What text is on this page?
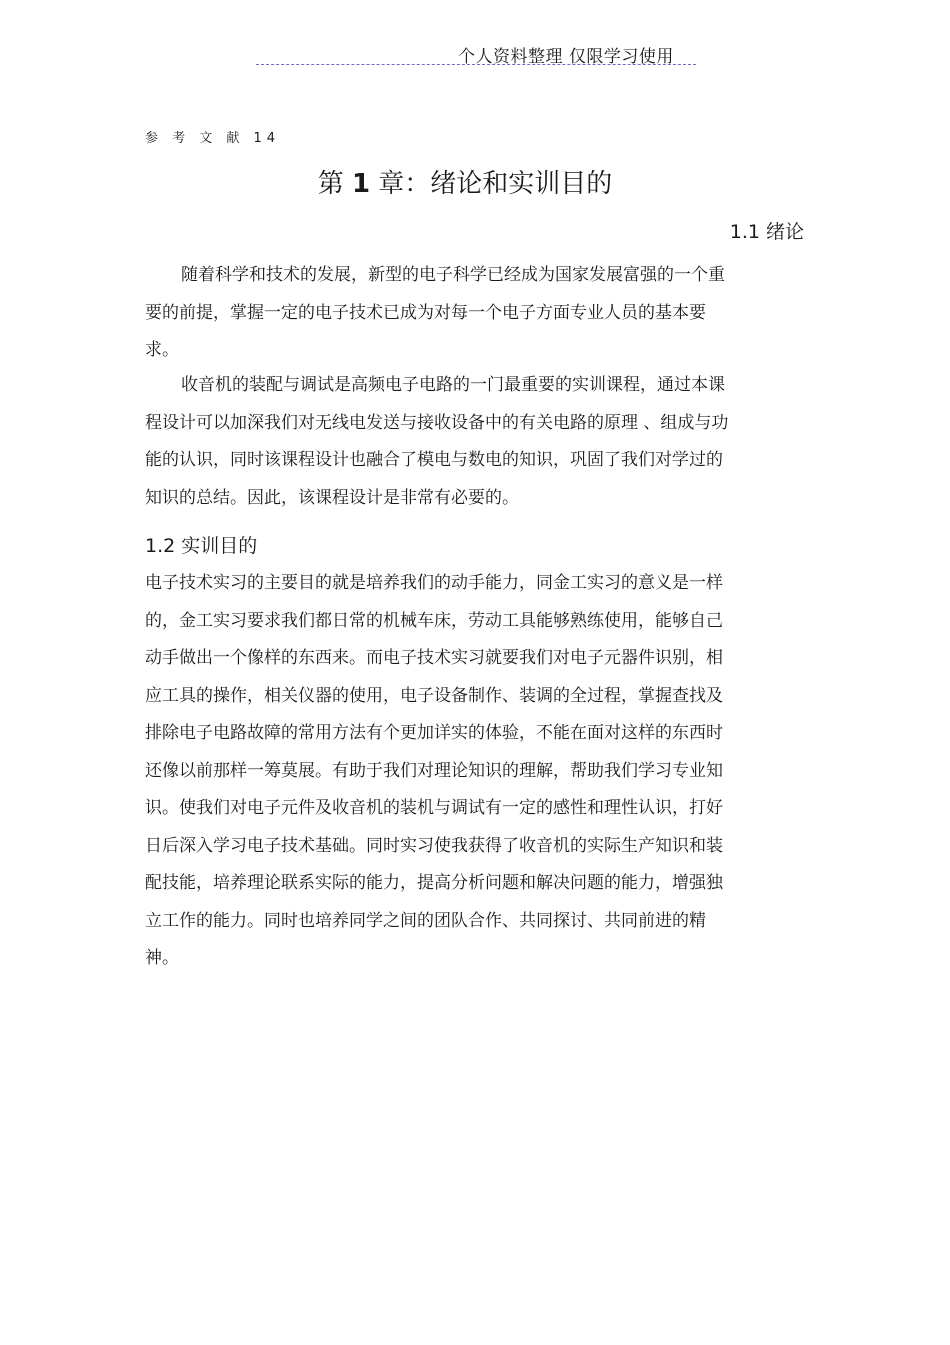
个人资料整理 仅限学习使用
参 考 文 献 14
第 1 章：绪论和实训目的
1.1 绪论
随着科学和技术的发展，新型的电子科学已经成为国家发展富强的一个重
要的前提，掌握一定的电子技术已成为对每一个电子方面专业人员的基本要
求。
收音机的装配与调试是高频电子电路的一门最重要的实训课程，通过本课
程设计可以加深我们对无线电发送与接收设备中的有关电路的原理 、组成与功
能的认识，同时该课程设计也融合了模电与数电的知识，巩固了我们对学过的
知识的总结。因此，该课程设计是非常有必要的。
1.2 实训目的
电子技术实习的主要目的就是培养我们的动手能力，同金工实习的意义是一样
的，金工实习要求我们都日常的机械车床，劳动工具能够熟练使用，能够自己
动手做出一个像样的东西来。而电子技术实习就要我们对电子元器件识别，相
应工具的操作，相关仪器的使用，电子设备制作、装调的全过程，掌握查找及
排除电子电路故障的常用方法有个更加详实的体验，不能在面对这样的东西时
还像以前那样一筹莫展。有助于我们对理论知识的理解，帮助我们学习专业知
识。使我们对电子元件及收音机的装机与调试有一定的感性和理性认识，打好
日后深入学习电子技术基础。同时实习使我获得了收音机的实际生产知识和装
配技能，培养理论联系实际的能力，提高分析问题和解决问题的能力，增强独
立工作的能力。同时也培养同学之间的团队合作、共同探讨、共同前进的精
神。
